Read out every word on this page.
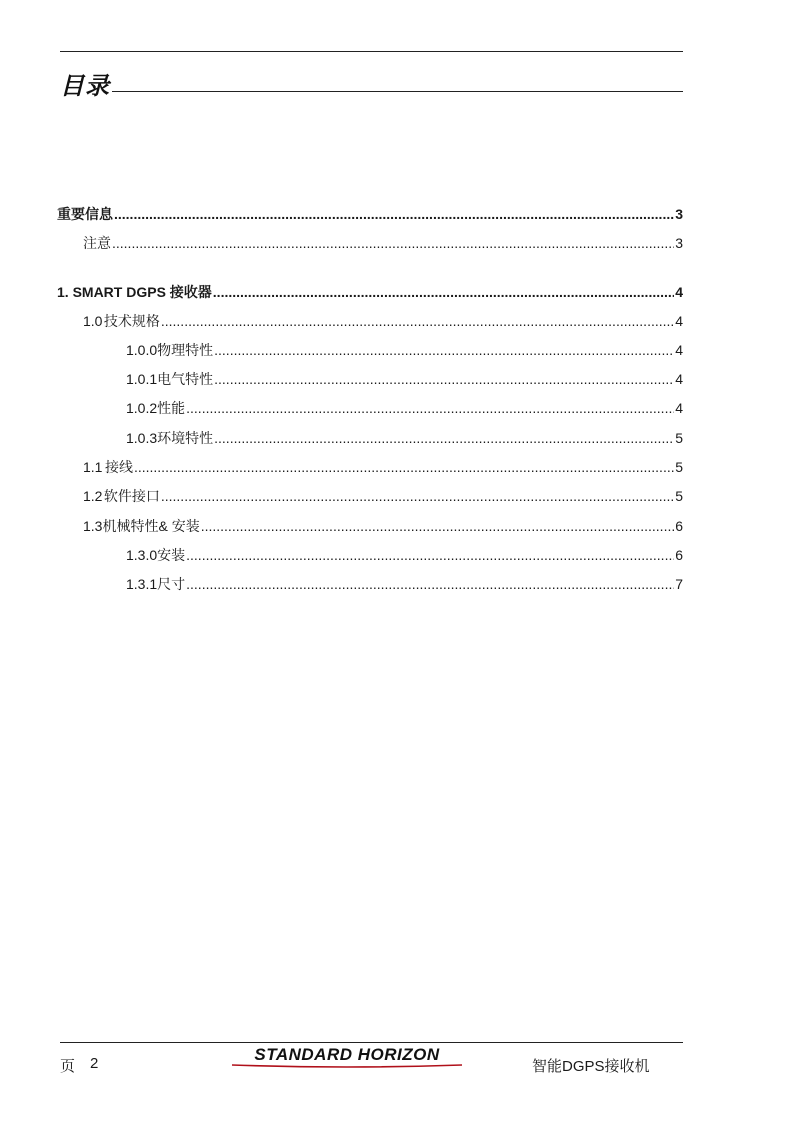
目录
重要信息 .....	3
注意 .....	3
1. SMART DGPS 接收器 .....	4
1.0 技术规格 .....	4
1.0.0 物理特性 .....	4
1.0.1 电气特性 .....	4
1.0.2 性能 .....	4
1.0.3 环境特性 .....	5
1.1 接线 .....	5
1.2 软件接口 .....	5
1.3 机械特性& 安装 .....	6
1.3.0 安装 .....	6
1.3.1 尺寸 .....	7
页 2	STANDARD HORIZON
智能DGPS接收机
